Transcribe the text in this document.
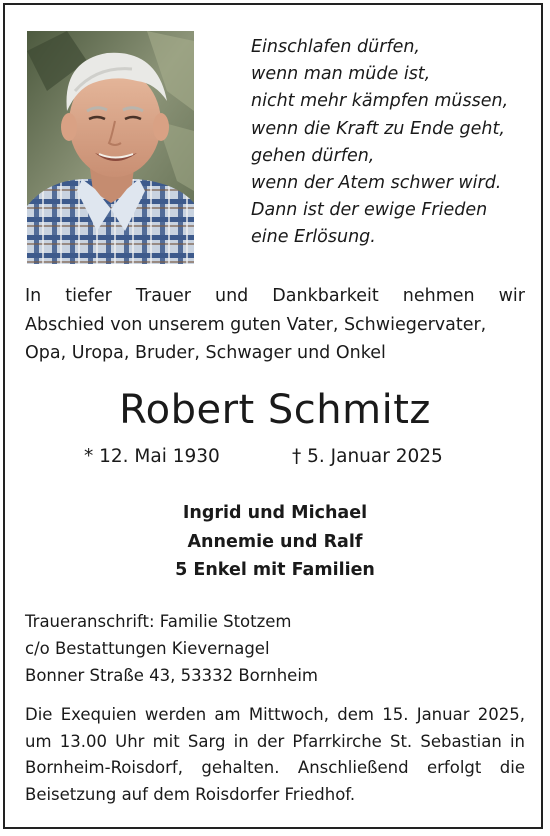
Einschlafen dürfen,
wenn man müde ist,
nicht mehr kämpfen müssen,
wenn die Kraft zu Ende geht,
gehen dürfen,
wenn der Atem schwer wird.
Dann ist der ewige Frieden
eine Erlösung.
In tiefer Trauer und Dankbarkeit nehmen wir
Abschied von unserem guten Vater, Schwiegervater,
Opa, Uropa, Bruder, Schwager und Onkel
Robert Schmitz
* 12. Mai 1930	† 5. Januar 2025
Ingrid und Michael
Annemie und Ralf
5 Enkel mit Familien
Traueranschrift: Familie Stotzem
c/o Bestattungen Kievernagel
Bonner Straße 43, 53332 Bornheim
Die Exequien werden am Mittwoch, dem 15. Januar 2025,
um 13.00 Uhr mit Sarg in der Pfarrkirche St. Sebastian in
Bornheim-Roisdorf, gehalten. Anschließend erfolgt die
Beisetzung auf dem Roisdorfer Friedhof.
